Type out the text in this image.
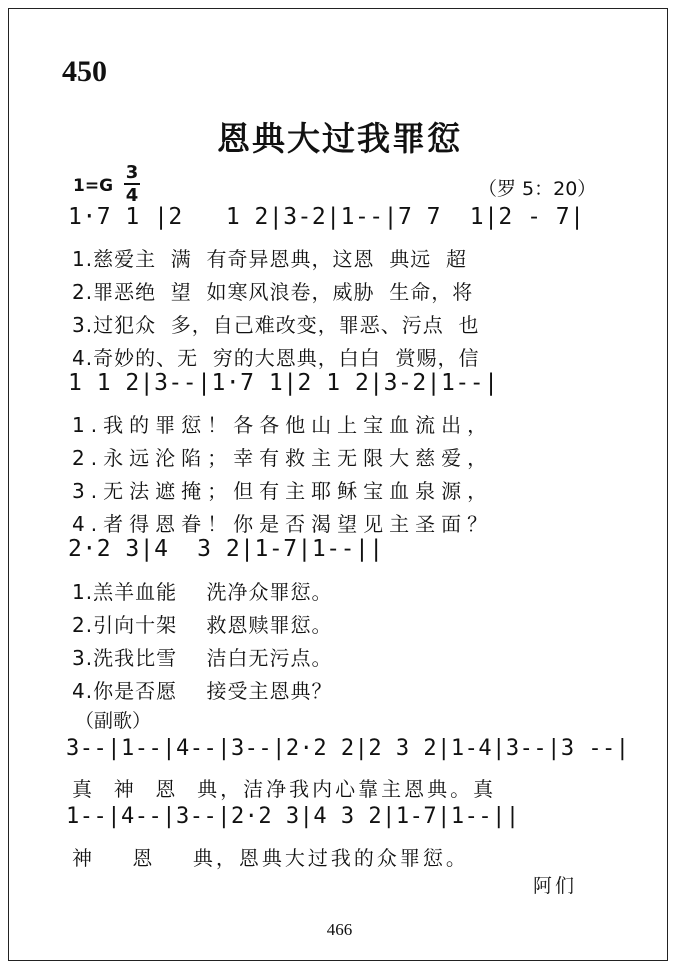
450
恩典大过我罪愆
1=G
3
4	（罗 5：20）
1·7 1 |2   1 2|3-2|1--|7 7  1|2 - 7|
1.慈爱主  满  有奇异恩典，这恩  典远  超
2.罪恶绝  望  如寒风浪卷，威胁  生命，将
3.过犯众  多，自己难改变，罪恶、污点  也
4.奇妙的、无  穷的大恩典，白白  赏赐，信
1 1 2|3--|1·7 1|2 1 2|3-2|1--|
1.我的罪愆！各各他山上宝血流出，
2.永远沦陷；幸有救主无限大慈爱，
3.无法遮掩；但有主耶稣宝血泉源，
4.者得恩眷！你是否渴望见主圣面？
2·2 3|4  3 2|1-7|1--||
1.羔羊血能    洗净众罪愆。
2.引向十架    救恩赎罪愆。
3.洗我比雪    洁白无污点。
4.你是否愿    接受主恩典？
（副歌）
3--|1--|4--|3--|2·2 2|2 3 2|1-4|3--|3 --|
真  神  恩  典，洁净我内心靠主恩典。真
1--|4--|3--|2·2 3|4 3 2|1-7|1--||
神    恩    典，恩典大过我的众罪愆。
阿们
466
